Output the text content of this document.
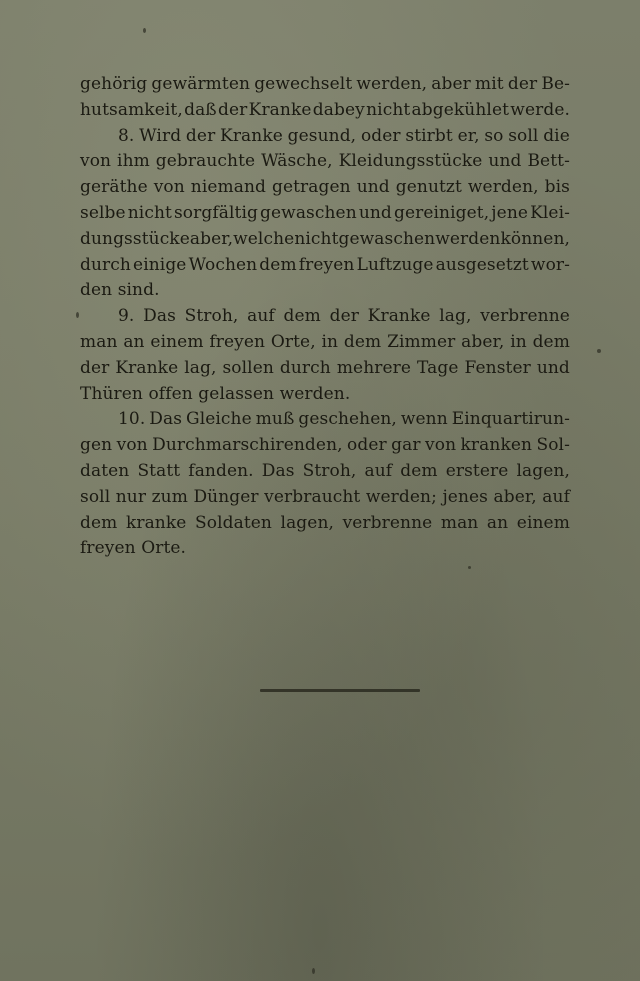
gehörig gewärmten gewechselt werden, aber mit der Be-
hutsamkeit, daß der Kranke dabey nicht abgekühlet werde.
8. Wird der Kranke gesund, oder stirbt er, so soll die
von ihm gebrauchte Wäsche, Kleidungsstücke und Bett-
geräthe von niemand getragen und genutzt werden, bis
selbe nicht sorgfältig gewaschen und gereiniget, jene Klei-
dungsstücke aber, welche nicht gewaschen werden können,
durch einige Wochen dem freyen Luftzuge ausgesetzt wor-
den sind.
9. Das Stroh, auf dem der Kranke lag, verbrenne
man an einem freyen Orte, in dem Zimmer aber, in dem
der Kranke lag, sollen durch mehrere Tage Fenster und
Thüren offen gelassen werden.
10. Das Gleiche muß geschehen, wenn Einquartirun-
gen von Durchmarschirenden, oder gar von kranken Sol-
daten Statt fanden. Das Stroh, auf dem erstere lagen,
soll nur zum Dünger verbraucht werden; jenes aber, auf
dem kranke Soldaten lagen, verbrenne man an einem
freyen Orte.
